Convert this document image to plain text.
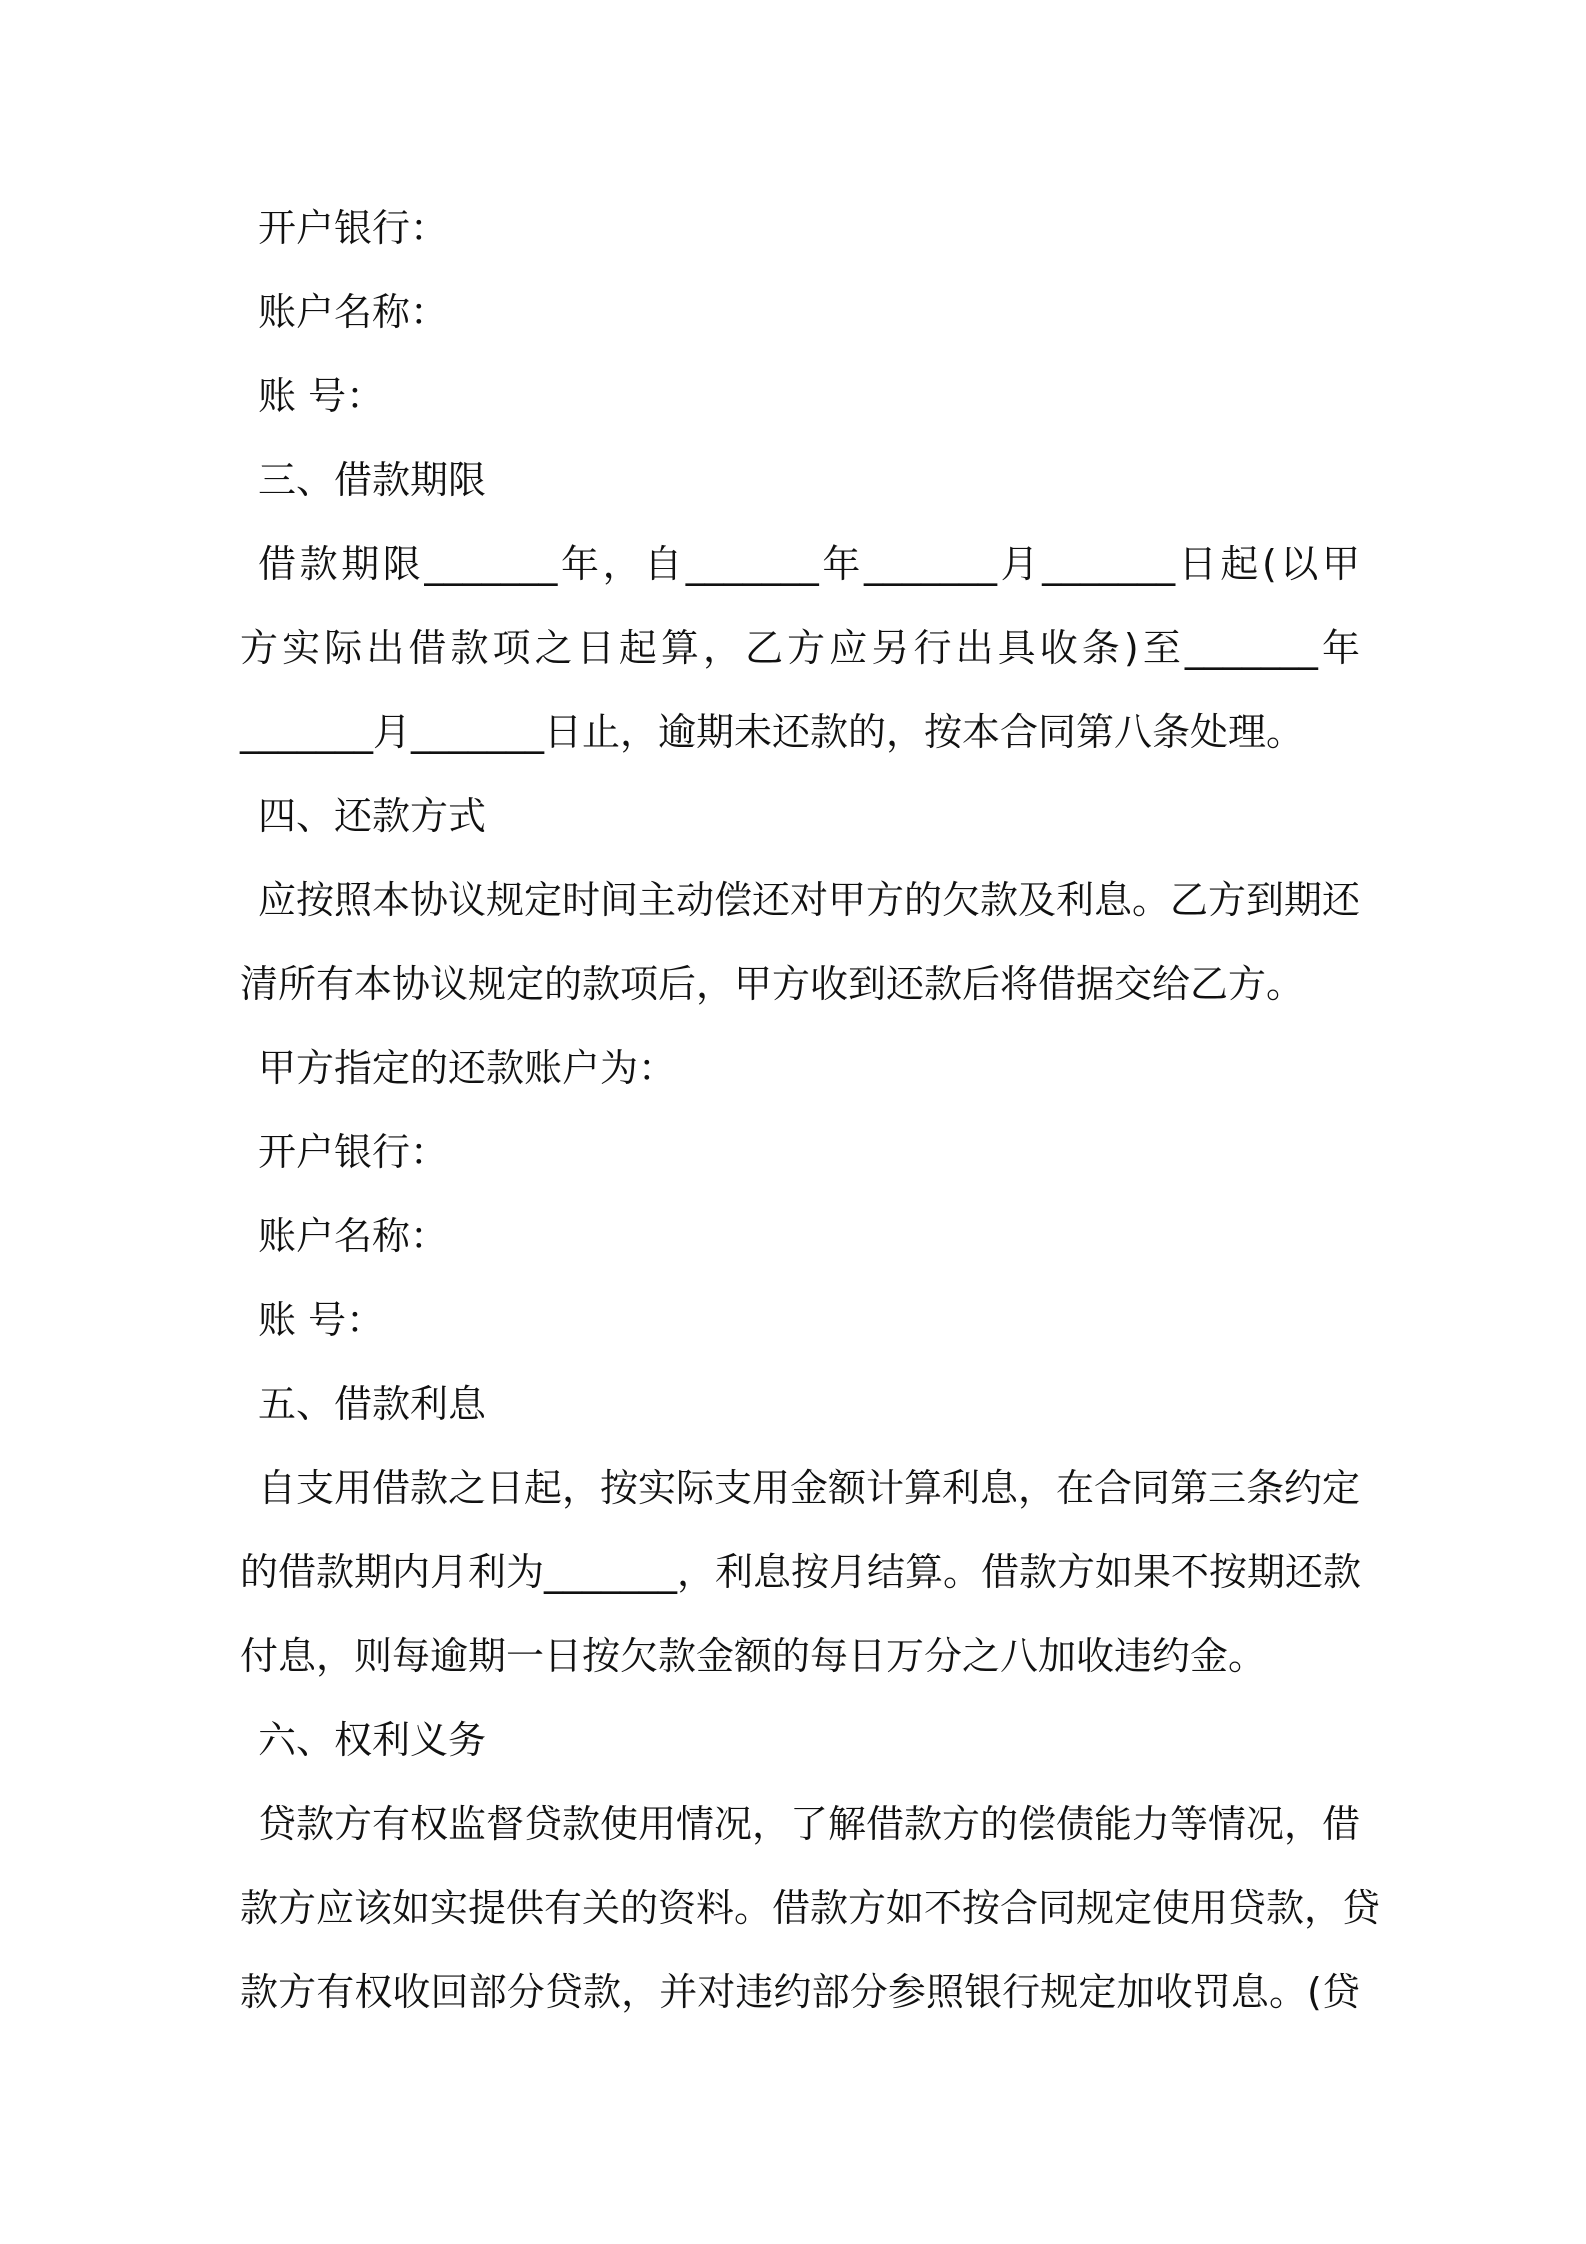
开户银行：
账户名称：
账 号：
三、借款期限
借款期限_______年，自_______年_______月_______日起(以甲
方实际出借款项之日起算，乙方应另行出具收条)至_______年
_______月_______日止，逾期未还款的，按本合同第八条处理。
四、还款方式
应按照本协议规定时间主动偿还对甲方的欠款及利息。乙方到期还
清所有本协议规定的款项后，甲方收到还款后将借据交给乙方。
甲方指定的还款账户为：
开户银行：
账户名称：
账 号：
五、借款利息
自支用借款之日起，按实际支用金额计算利息，在合同第三条约定
的借款期内月利为_______，利息按月结算。借款方如果不按期还款
付息，则每逾期一日按欠款金额的每日万分之八加收违约金。
六、权利义务
贷款方有权监督贷款使用情况，了解借款方的偿债能力等情况，借
款方应该如实提供有关的资料。借款方如不按合同规定使用贷款，贷
款方有权收回部分贷款，并对违约部分参照银行规定加收罚息。(贷
